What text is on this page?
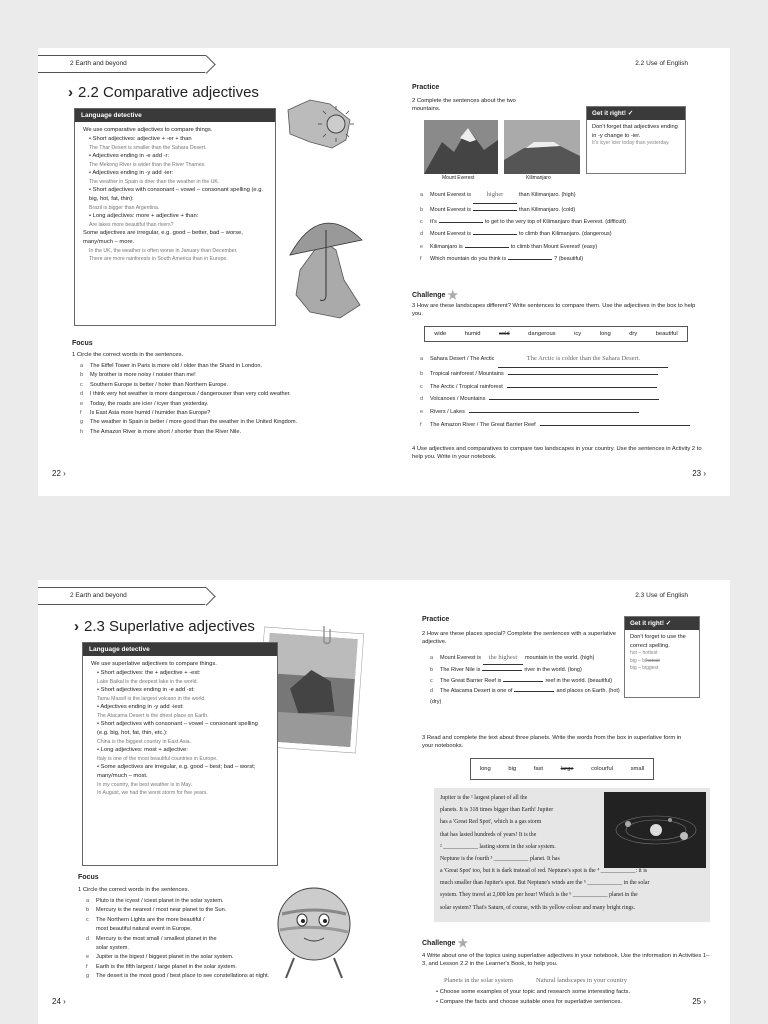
2 Earth and beyond
› 2.2 Comparative adjectives
Language detective
We use comparative adjectives to compare things.
• Short adjectives: adjective + -er + than
The Thar Desert is smaller than the Sahara Desert.
• Adjectives ending in -e add -r:
The Mekong River is wider than the River Thames.
• Adjectives ending in -y add -ier:
The weather in Spain is drier than the weather in the UK.
• Short adjectives with consonant – vowel – consonant spelling (e.g. big, hot, fat, thin):
Brazil is bigger than Argentina.
• Long adjectives: more + adjective + than:
Are lakes more beautiful than rivers?
Some adjectives are irregular, e.g. good – better, bad – worse, many/much – more.
In the UK, the weather is often worse in January than December.
There are more rainforests in South America than in Europe.
Focus
1 Circle the correct words in the sentences.
a The Eiffel Tower in Paris is more old / older than the Shard in London.
b My brother is more noisy / noisier than me!
c Southern Europe is better / hoter than Northern Europe.
d I think very hot weather is more dangerous / dangerouser than very cold weather.
e Today, the roads are icier / icyer than yesterday.
f Is East Asia more humid / humider than Europe?
g The weather in Spain is better / more good than the weather in the United Kingdom.
h The Amazon River is more short / shorter than the River Nile.
22 ›
2.2 Use of English
Practice
2 Complete the sentences about the two mountains.
Mount Everest	Kilimanjaro
Get it right! ✓
Don't forget that adjectives ending in -y change to -ier.
It's icyer icier today than yesterday.
a Mount Everest is higher	than Kilimanjaro. (high)
b Mount Everest is	than Kilimanjaro. (cold)
c It's	to get to the very top of Kilimanjaro than Everest. (difficult)
d Mount Everest is	to climb than Kilimanjaro. (dangerous)
e Kilimanjaro is	to climb than Mount Everest! (easy)
f Which mountain do you think is	? (beautiful)
Challenge ★
3 How are these landscapes different? Write sentences to compare them. Use the adjectives in the box to help you.
wide	humid	cold	dangerous	icy	long	dry	beautiful
a Sahara Desert / The Arctic	The Arctic is colder than the Sahara Desert.
b Tropical rainforest / Mountains
c The Arctic / Tropical rainforest
d Volcanoes / Mountains
e Rivers / Lakes
f The Amazon River / The Great Barrier Reef
4 Use adjectives and comparatives to compare two landscapes in your country. Use the sentences in Activity 2 to help you. Write in your notebook.
23 ›
2 Earth and beyond
› 2.3 Superlative adjectives
Language detective
We use superlative adjectives to compare things.
• Short adjectives: the + adjective + -est:
Lake Baikal is the deepest lake in the world.
• Short adjectives ending in -e add -st:
Tamu Massif is the largest volcano in the world.
• Adjectives ending in -y add -iest:
The Atacama Desert is the driest place on Earth.
• Short adjectives with consonant – vowel – consonant spelling (e.g. big, hot, fat, thin, etc.):
China is the biggest country in East Asia.
• Long adjectives: most + adjective:
Italy is one of the most beautiful countries in Europe.
• Some adjectives are irregular, e.g. good – best; bad – worst; many/much – most.
In my country, the best weather is in May.
In August, we had the worst storm for five years.
Focus
1 Circle the correct words in the sentences.
a Pluto is the icyest / iciest planet in the solar system.
b Mercury is the nearest / most near planet to the Sun.
c The Northern Lights are the more beautiful /
most beautiful natural event in Europe.
d Mercury is the most small / smallest planet in the
solar system.
e Jupiter is the bigest / biggest planet in the solar system.
f Earth is the fifth largest / large planet in the solar system.
g The desert is the most good / best place to see constellations at night.
24 ›
2.3 Use of English
Practice
2 How are these places special? Complete the sentences with a superlative adjective.
Get it right! ✓
Don't forget to use the correct spelling.
hot – hottest
big – bihotest
big – biggest
a Mount Everest is the highest mountain in the world. (high)
b The River Nile is	river in the world. (long)
c The Great Barrier Reef is	reef in the world. (beautiful)
d The Atacama Desert is one of	and places on Earth. (hot) (dry)
3 Read and complete the text about three planets. Write the words from the box in superlative form in your notebooks.
long	big	fast	large	colourful	small
Jupiter is the ¹ largest planet of all the
planets. It is 318 times bigger than Earth! Jupiter
has a 'Great Red Spot', which is a gas storm
that has lasted hundreds of years! It is the
² ____________ lasting storm in the solar system.
Neptune is the fourth ³ ____________ planet. It has
a 'Great Spot' too, but it is dark instead of red. Neptune's spot is the ⁴ ____________: it is
much smaller than Jupiter's spot. But Neptune's winds are the ⁵ ____________ in the solar
system. They travel at 2,000 km per hour! Which is the ⁶ ____________ planet in the
solar system? That's Saturn, of course, with its yellow colour and many bright rings.
Challenge ★
4 Write about one of the topics using superlative adjectives in your notebook. Use the information in Activities 1–3, and Lesson 2.2 in the Learner's Book, to help you.
Planets in the solar system	Natural landscapes in your country
• Choose some examples of your topic and research some interesting facts.
• Compare the facts and choose suitable ones for superlative sentences.	25 ›
